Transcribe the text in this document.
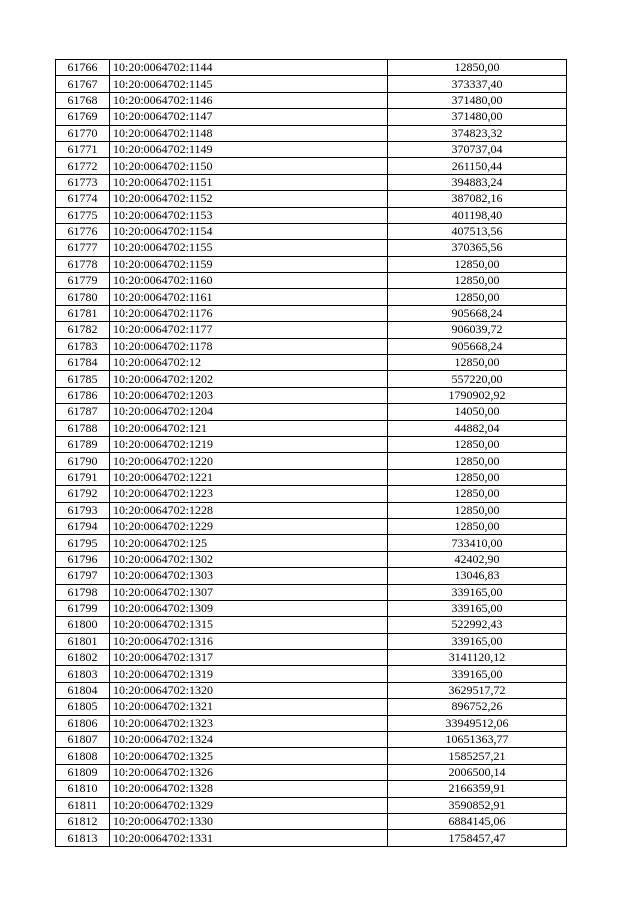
61766	10:20:0064702:1144	12850,00
61767	10:20:0064702:1145	373337,40
61768	10:20:0064702:1146	371480,00
61769	10:20:0064702:1147	371480,00
61770	10:20:0064702:1148	374823,32
61771	10:20:0064702:1149	370737,04
61772	10:20:0064702:1150	261150,44
61773	10:20:0064702:1151	394883,24
61774	10:20:0064702:1152	387082,16
61775	10:20:0064702:1153	401198,40
61776	10:20:0064702:1154	407513,56
61777	10:20:0064702:1155	370365,56
61778	10:20:0064702:1159	12850,00
61779	10:20:0064702:1160	12850,00
61780	10:20:0064702:1161	12850,00
61781	10:20:0064702:1176	905668,24
61782	10:20:0064702:1177	906039,72
61783	10:20:0064702:1178	905668,24
61784	10:20:0064702:12	12850,00
61785	10:20:0064702:1202	557220,00
61786	10:20:0064702:1203	1790902,92
61787	10:20:0064702:1204	14050,00
61788	10:20:0064702:121	44882,04
61789	10:20:0064702:1219	12850,00
61790	10:20:0064702:1220	12850,00
61791	10:20:0064702:1221	12850,00
61792	10:20:0064702:1223	12850,00
61793	10:20:0064702:1228	12850,00
61794	10:20:0064702:1229	12850,00
61795	10:20:0064702:125	733410,00
61796	10:20:0064702:1302	42402,90
61797	10:20:0064702:1303	13046,83
61798	10:20:0064702:1307	339165,00
61799	10:20:0064702:1309	339165,00
61800	10:20:0064702:1315	522992,43
61801	10:20:0064702:1316	339165,00
61802	10:20:0064702:1317	3141120,12
61803	10:20:0064702:1319	339165,00
61804	10:20:0064702:1320	3629517,72
61805	10:20:0064702:1321	896752,26
61806	10:20:0064702:1323	33949512,06
61807	10:20:0064702:1324	10651363,77
61808	10:20:0064702:1325	1585257,21
61809	10:20:0064702:1326	2006500,14
61810	10:20:0064702:1328	2166359,91
61811	10:20:0064702:1329	3590852,91
61812	10:20:0064702:1330	6884145,06
61813	10:20:0064702:1331	1758457,47
